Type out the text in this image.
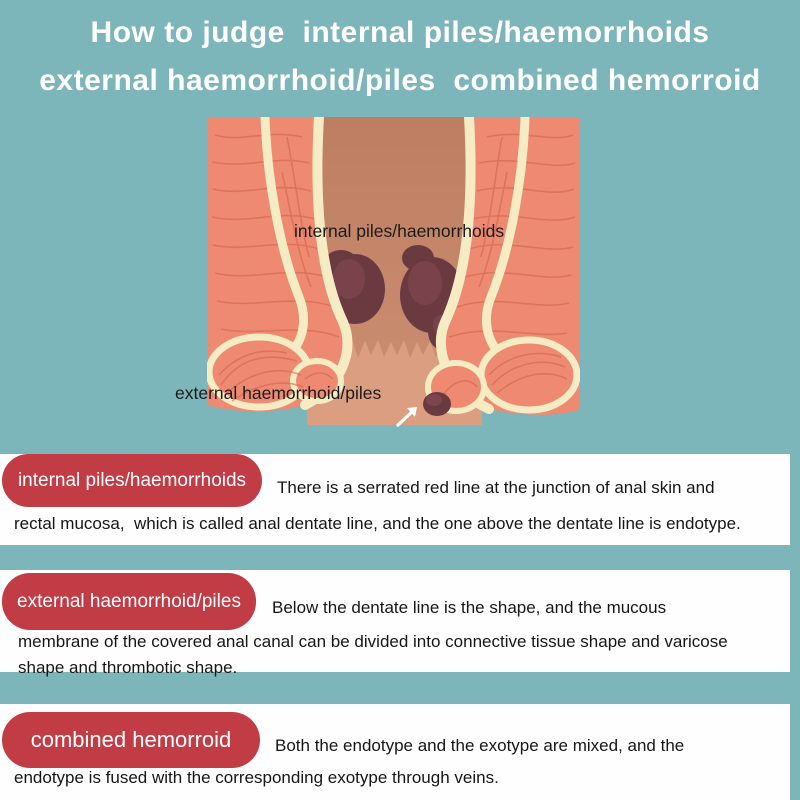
How to judge  internal piles/haemorrhoids
external haemorrhoid/piles  combined hemorroid
internal piles/haemorrhoids
external haemorrhoid/piles
internal piles/haemorrhoids	There is a serrated red line at the junction of anal skin and
rectal mucosa,  which is called anal dentate line, and the one above the dentate line is endotype.
external haemorrhoid/piles	Below the dentate line is the shape, and the mucous
membrane of the covered anal canal can be divided into connective tissue shape and varicose
shape and thrombotic shape.
combined hemorroid	Both the endotype and the exotype are mixed, and the
endotype is fused with the corresponding exotype through veins.
